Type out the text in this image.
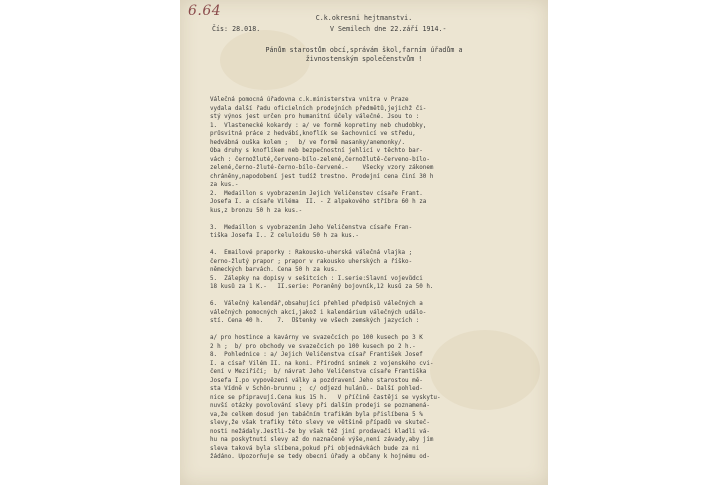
6.64	C.k.okresni hejtmanstvi.
Čís: 28.018.	V Semilech dne 22.září 1914.-
Pánům starostům obcí,správám škol,farním úřadům a
živnostenským společenstvům !
Válečná pomocná úřadovna c.k.ministerstva vnitra v Praze
vydala další řadu oficielních prodejních předmětů,jejichž či-
stý výnos jest určen pro humanitní účely válečné. Jsou to :
1.  Vlastenecké kokardy : a/ ve formě kopretiny neb chudobky,
průsvitná práce z hedvábí,knoflík se šachovnicí ve středu,
hedvábná ouška kolem ;   b/ ve formě masanky/anemonky/.
Oba druhy s knoflíkem neb bezpečnostní jehlicí v těchto bar-
vách : černožluté,červeno-bílo-zelené,černožlutě-červeno-bílo-
zelené,černo-žluté-černo-bílo-červené.-    Všecky vzory zákonem
chráněny,napodobení jest tudíž trestno. Prodejní cena činí 30 h
za kus.-
2.  Medaillon s vyobrazením Jejich Veličenstev císaře Frant.
Josefa I. a císaře Viléma  II. - Z alpakového stříbra 60 h za
kus,z bronzu 50 h za kus.-
3.  Medaillon s vyobrazením Jeho Veličenstva císaře Fran-
tiška Josefa I.. Z celuloidu 50 h za kus.-
4.  Emailové praporky : Rakousko-uherská válečná vlajka ;
černo-žlutý prapor ; prapor v rakousko uherských a říško-
německých barvách. Cena 50 h za kus.
5.  Zálepky na dopisy v sešitcích : I.serie:Slavní vojevůdci
18 kusů za 1 K.-   II.serie: Poraněný bojovník,12 kusů za 50 h.
6.  Válečný kalendář,obsahující přehled předpisů válečných a
válečných pomocných akcí,jakož i kalendárium válečných událo-
stí. Cena 40 h.    7.  Ůštenky ve všech zemských jazycích :
a/ pro hostince a kavárny ve svazečcích po 100 kusech po 3 K
2 h ;  b/ pro obchody ve svazečcích po 100 kusech po 2 h.-
8.  Pohlednice : a/ Jejich Veličenstva císař František Josef
I. a císař Vilém II. na koni. Přírodní snímek z vojenského cvi-
čení v Meziříčí;  b/ návrat Jeho Veličenstva císaře Františka
Josefa I.po vypovězení války a pozdravení Jeho starostou mě-
sta Vídně v Schön-brunnu ;  c/ odjezd hulánů.- Další pohled-
nice se připravují.Cena kus 15 h.   V příčině častěji se vyskytu-
nuvší otázky povolování slevy při dalším prodeji se poznamená-
va,že celkem dosud jen tabáčním trafikám byla přislíbena 5 %
slevy,že však trafiky této slevy ve většině případů ve skuteč-
nosti nežádaly.Jestli-že by však též jiní prodavači kladli vá-
hu na poskytnutí slevy až do naznačené výše,není závady,aby jim
sleva taková byla slíbena,pokud při objednávkách bude za ni
žádáno. Upozorňuje se tedy obecní úřady a občany k hojnému od-
